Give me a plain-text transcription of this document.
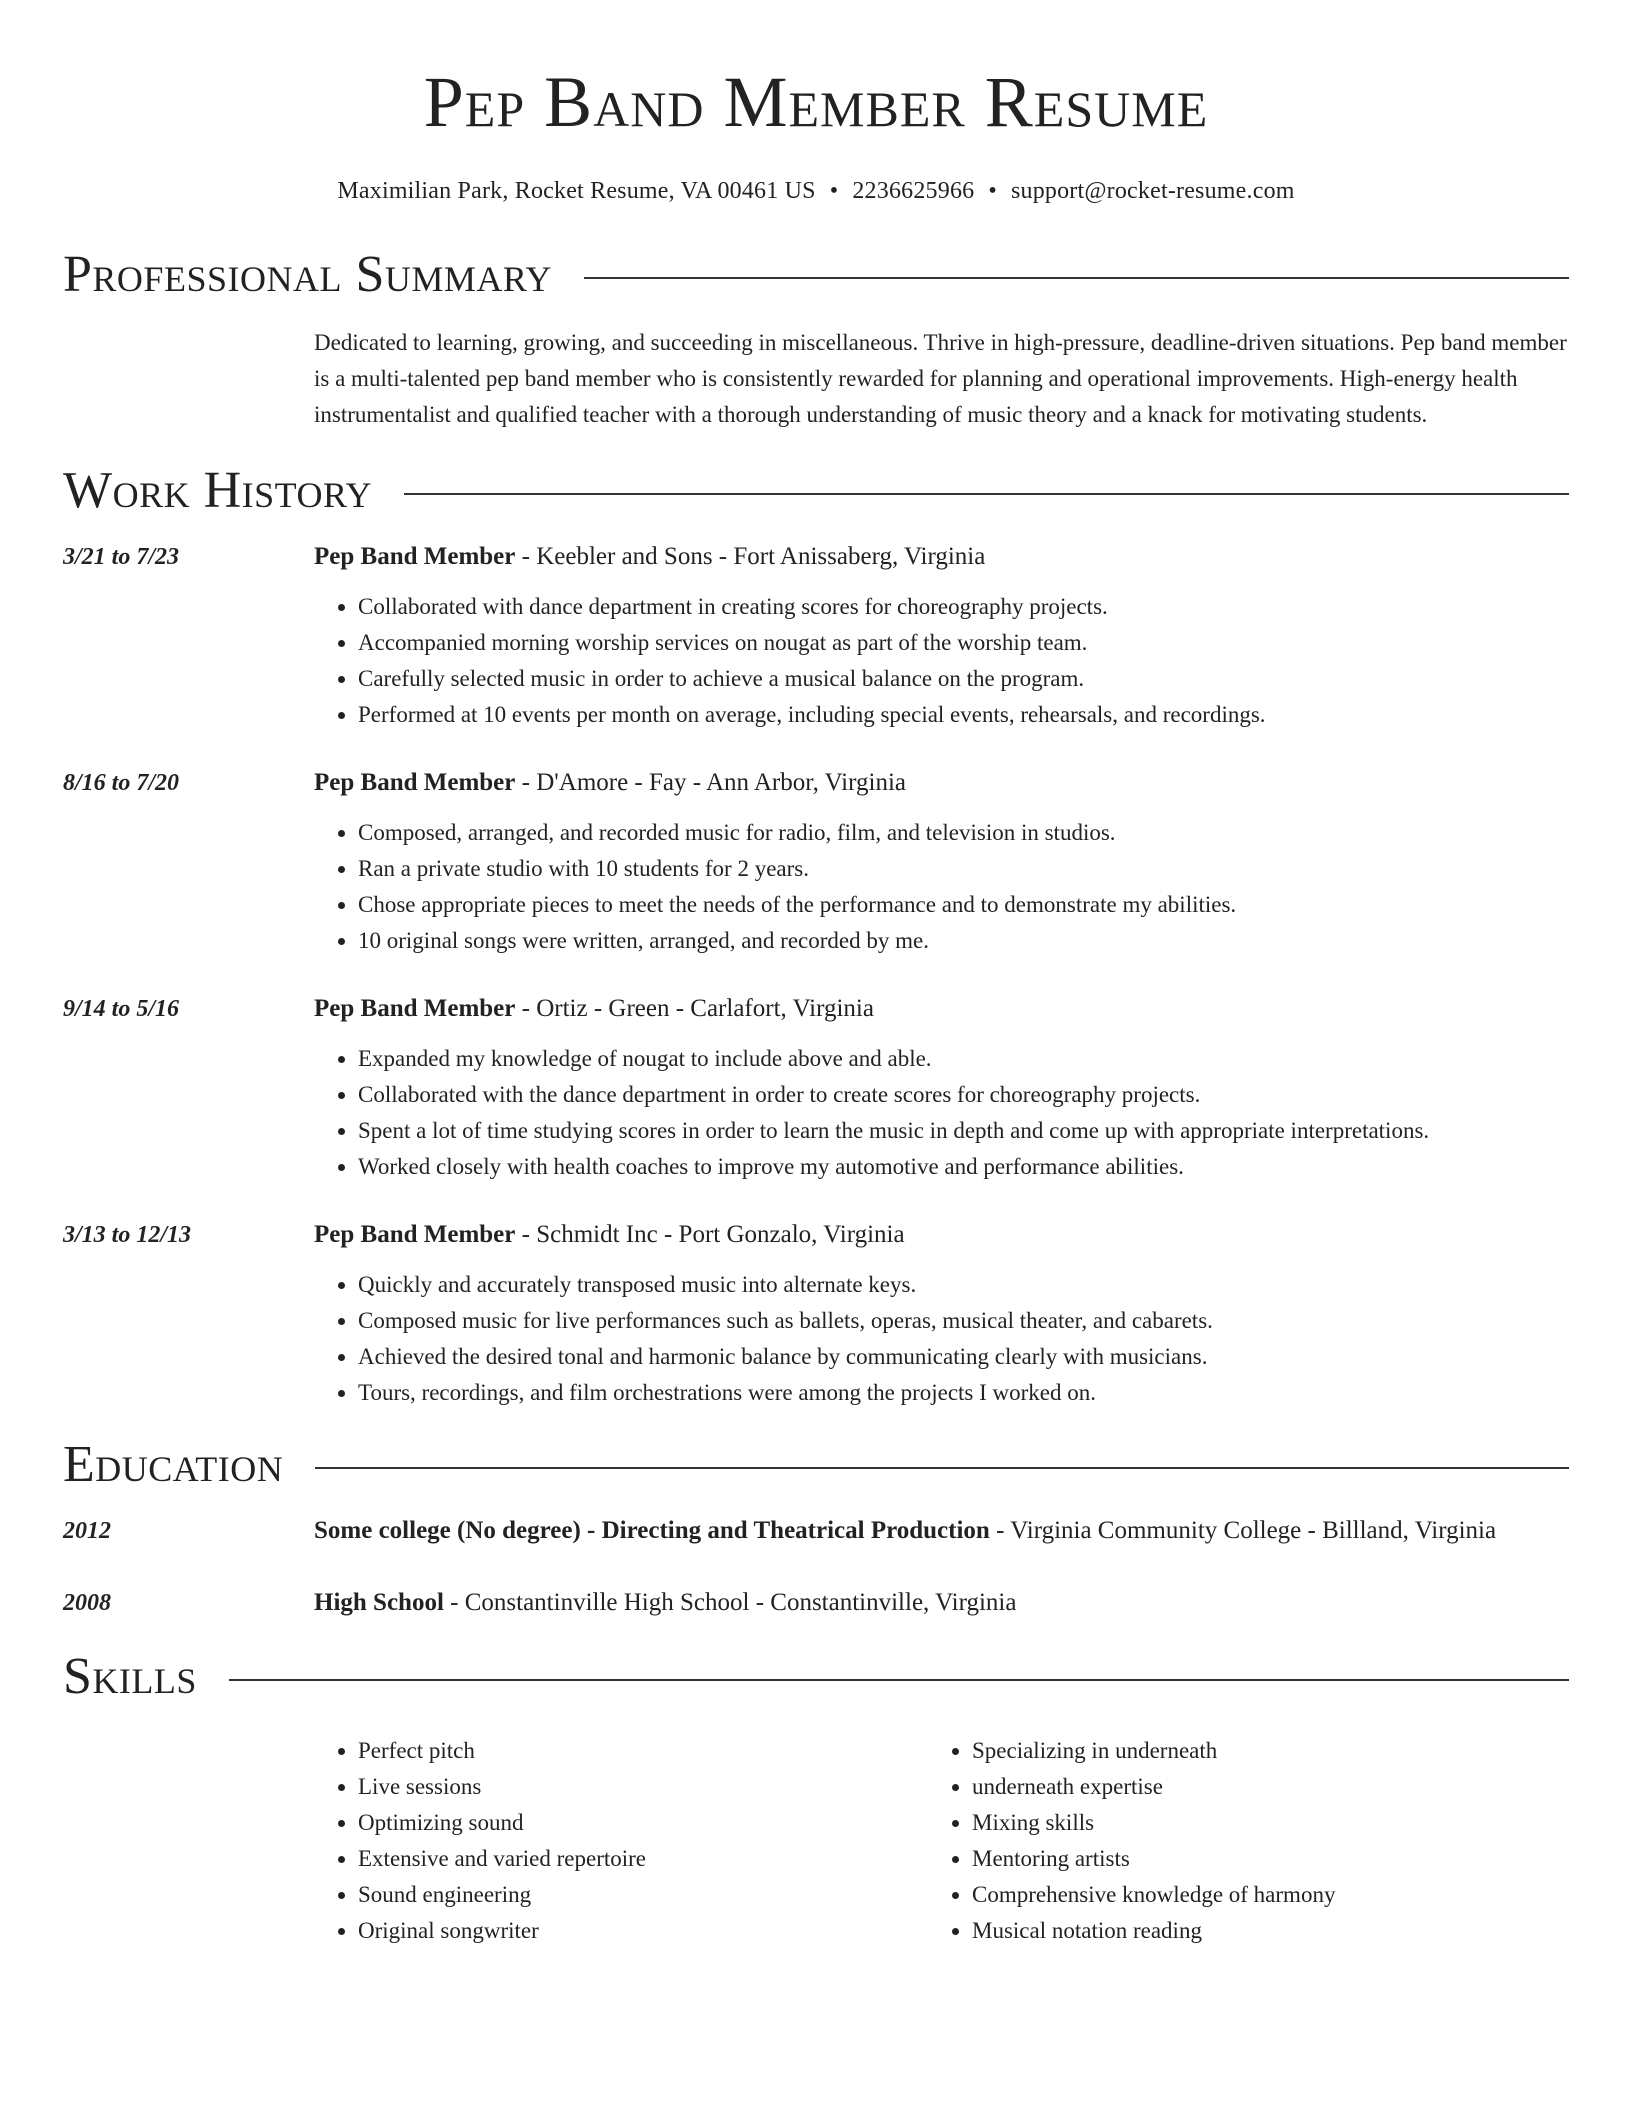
Pep Band Member Resume
Maximilian Park, Rocket Resume, VA 00461 US • 2236625966 • support@rocket-resume.com
Professional Summary
Dedicated to learning, growing, and succeeding in miscellaneous. Thrive in high-pressure, deadline-driven situations. Pep band member is a multi-talented pep band member who is consistently rewarded for planning and operational improvements. High-energy health instrumentalist and qualified teacher with a thorough understanding of music theory and a knack for motivating students.
Work History
3/21 to 7/23	Pep Band Member - Keebler and Sons - Fort Anissaberg, Virginia
• Collaborated with dance department in creating scores for choreography projects.
• Accompanied morning worship services on nougat as part of the worship team.
• Carefully selected music in order to achieve a musical balance on the program.
• Performed at 10 events per month on average, including special events, rehearsals, and recordings.
8/16 to 7/20	Pep Band Member - D'Amore - Fay - Ann Arbor, Virginia
• Composed, arranged, and recorded music for radio, film, and television in studios.
• Ran a private studio with 10 students for 2 years.
• Chose appropriate pieces to meet the needs of the performance and to demonstrate my abilities.
• 10 original songs were written, arranged, and recorded by me.
9/14 to 5/16	Pep Band Member - Ortiz - Green - Carlafort, Virginia
• Expanded my knowledge of nougat to include above and able.
• Collaborated with the dance department in order to create scores for choreography projects.
• Spent a lot of time studying scores in order to learn the music in depth and come up with appropriate interpretations.
• Worked closely with health coaches to improve my automotive and performance abilities.
3/13 to 12/13	Pep Band Member - Schmidt Inc - Port Gonzalo, Virginia
• Quickly and accurately transposed music into alternate keys.
• Composed music for live performances such as ballets, operas, musical theater, and cabarets.
• Achieved the desired tonal and harmonic balance by communicating clearly with musicians.
• Tours, recordings, and film orchestrations were among the projects I worked on.
Education
2012	Some college (No degree) - Directing and Theatrical Production - Virginia Community College - Billland, Virginia
2008	High School - Constantinville High School - Constantinville, Virginia
Skills
• Perfect pitch
• Live sessions
• Optimizing sound
• Extensive and varied repertoire
• Sound engineering
• Original songwriter
• Specializing in underneath
• underneath expertise
• Mixing skills
• Mentoring artists
• Comprehensive knowledge of harmony
• Musical notation reading
